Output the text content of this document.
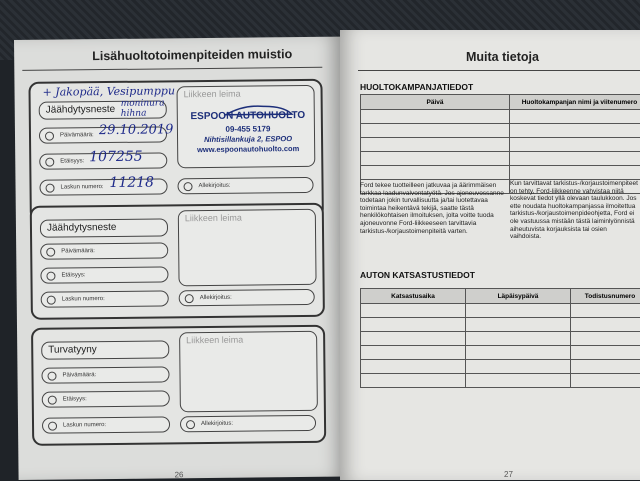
Lisähuoltotoimenpiteiden muistio
Jäähdytysneste
+ Jakopää, Vesipumppu
moninura hihna
Päivämäärä: 29.10.2019
Etäisyys: 107255
Laskun numero: 11218
Liikkeen leima
ESPOON AUTOHUOLTO
09-455 5179
Nihtisillankuja 2, ESPOO
www.espoonautohuolto.com
Allekirjoitus:
Jäähdytysneste
Päivämäärä:
Etäisyys:
Laskun numero:
Liikkeen leima
Allekirjoitus:
Turvatyyny
Päivämäärä:
Etäisyys:
Laskun numero:
Liikkeen leima
Allekirjoitus:
26
Muita tietoja
HUOLTOKAMPANJATIEDOT
Päivä	Huoltokampanjan nimi ja viitenumero

Ford tekee tuotteilleen jatkuvaa ja äärimmäisen tarkkaa laadunvalvontatyötä. Jos ajoneuvossanne todetaan jokin turvallisuutta ja/tai luotettavaa toimintaa heikentävä tekijä, saatte tästä henkilökohtaisen ilmoituksen, jolta voitte tuoda ajoneuvonne Ford-liikkeeseen tarvittavia tarkistus-/korjaustoimenpiteitä varten.
Kun tarvittavat tarkistus-/korjaustoimenpiteet on tehty, Ford-liikkeenne vahvistaa niitä koskevat tiedot yllä olevaan taulukkoon. Jos ette noudata huoltokampanjassa ilmoitettua tarkistus-/korjaustoimenpideohjetta, Ford ei ole vastuussa mistään tästä laiminlyönnistä aiheutuvista korjauksista tai osien vaihdoista.
AUTON KATSASTUSTIEDOT
Katsastusaika	Läpäisypäivä	Todistusnumero

27
